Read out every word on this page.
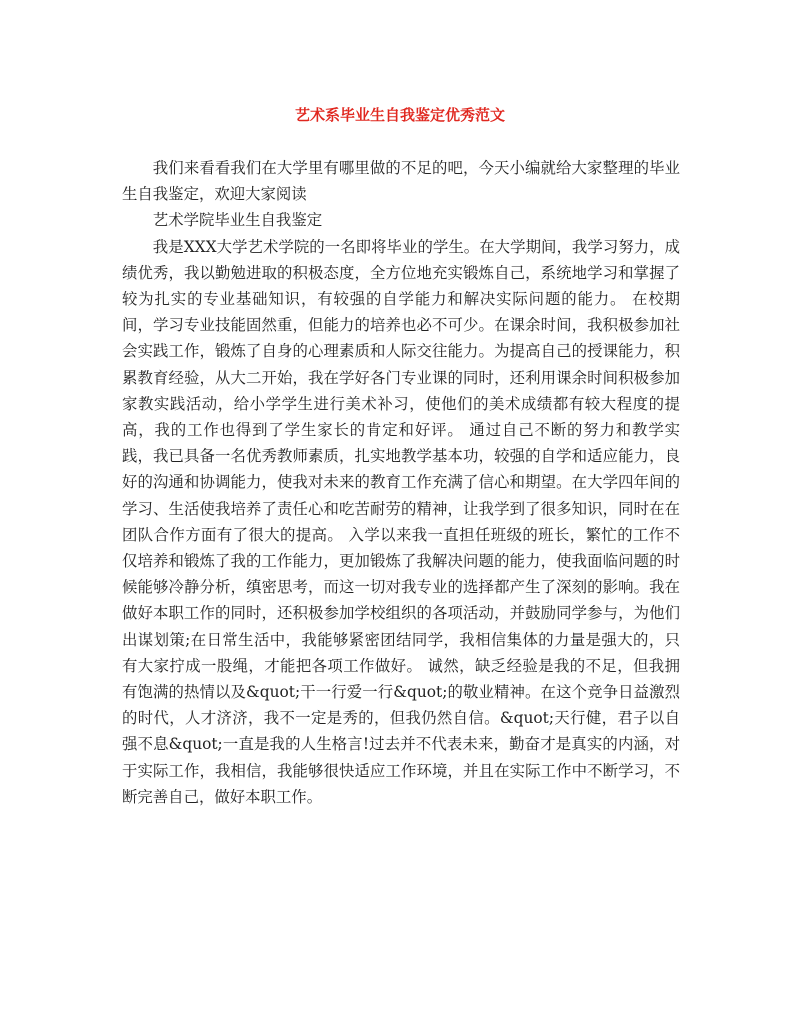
艺术系毕业生自我鉴定优秀范文

我们来看看我们在大学里有哪里做的不足的吧，今天小编就给大家整理的毕业生自我鉴定，欢迎大家阅读

艺术学院毕业生自我鉴定

我是XXX大学艺术学院的一名即将毕业的学生。在大学期间，我学习努力，成绩优秀，我以勤勉进取的积极态度，全方位地充实锻炼自己，系统地学习和掌握了较为扎实的专业基础知识，有较强的自学能力和解决实际问题的能力。 在校期间，学习专业技能固然重，但能力的培养也必不可少。在课余时间，我积极参加社会实践工作，锻炼了自身的心理素质和人际交往能力。为提高自己的授课能力，积累教育经验，从大二开始，我在学好各门专业课的同时，还利用课余时间积极参加家教实践活动，给小学学生进行美术补习，使他们的美术成绩都有较大程度的提高，我的工作也得到了学生家长的肯定和好评。 通过自己不断的努力和教学实践，我已具备一名优秀教师素质，扎实地教学基本功，较强的自学和适应能力，良好的沟通和协调能力，使我对未来的教育工作充满了信心和期望。在大学四年间的学习、生活使我培养了责任心和吃苦耐劳的精神，让我学到了很多知识，同时在在团队合作方面有了很大的提高。 入学以来我一直担任班级的班长，繁忙的工作不仅培养和锻炼了我的工作能力，更加锻炼了我解决问题的能力，使我面临问题的时候能够冷静分析，缜密思考，而这一切对我专业的选择都产生了深刻的影响。我在做好本职工作的同时，还积极参加学校组织的各项活动，并鼓励同学参与，为他们出谋划策;在日常生活中，我能够紧密团结同学，我相信集体的力量是强大的，只有大家拧成一股绳，才能把各项工作做好。 诚然，缺乏经验是我的不足，但我拥有饱满的热情以及&quot;干一行爱一行&quot;的敬业精神。在这个竞争日益激烈的时代，人才济济，我不一定是秀的，但我仍然自信。&quot;天行健，君子以自强不息&quot;一直是我的人生格言!过去并不代表未来，勤奋才是真实的内涵，对于实际工作，我相信，我能够很快适应工作环境，并且在实际工作中不断学习，不断完善自己，做好本职工作。
